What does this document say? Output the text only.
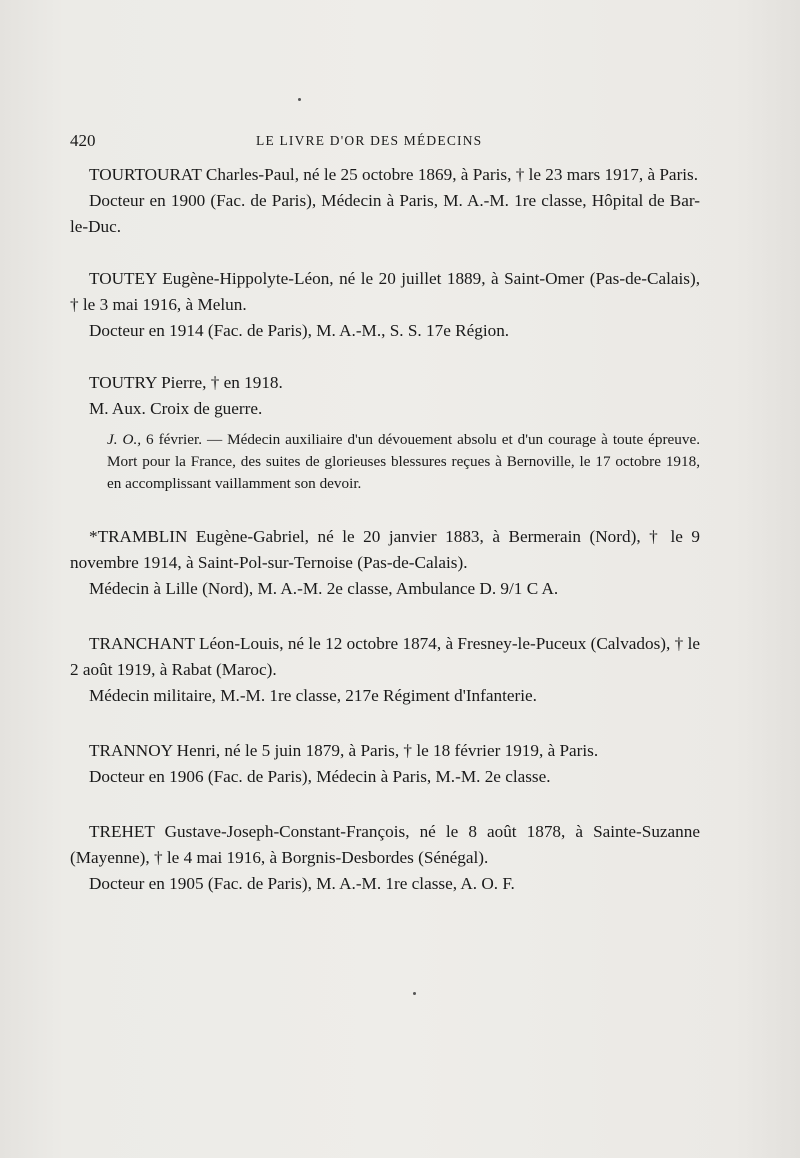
420	LE LIVRE D'OR DES MÉDECINS

TOURTOURAT Charles-Paul, né le 25 octobre 1869, à Paris, † le 23 mars 1917, à Paris.

Docteur en 1900 (Fac. de Paris), Médecin à Paris, M. A.-M. 1re classe, Hôpital de Bar-le-Duc.

TOUTEY Eugène-Hippolyte-Léon, né le 20 juillet 1889, à Saint-Omer (Pas-de-Calais), † le 3 mai 1916, à Melun.

Docteur en 1914 (Fac. de Paris), M. A.-M., S. S. 17e Région.

TOUTRY Pierre, † en 1918.

M. Aux. Croix de guerre.

J. O., 6 février. — Médecin auxiliaire d'un dévouement absolu et d'un courage à toute épreuve. Mort pour la France, des suites de glorieuses blessures reçues à Bernoville, le 17 octobre 1918, en accomplissant vaillamment son devoir.

*TRAMBLIN Eugène-Gabriel, né le 20 janvier 1883, à Bermerain (Nord), † le 9 novembre 1914, à Saint-Pol-sur-Ternoise (Pas-de-Calais).

Médecin à Lille (Nord), M. A.-M. 2e classe, Ambulance D. 9/1 C A.

TRANCHANT Léon-Louis, né le 12 octobre 1874, à Fresney-le-Puceux (Calvados), † le 2 août 1919, à Rabat (Maroc).

Médecin militaire, M.-M. 1re classe, 217e Régiment d'Infanterie.

TRANNOY Henri, né le 5 juin 1879, à Paris, † le 18 février 1919, à Paris.

Docteur en 1906 (Fac. de Paris), Médecin à Paris, M.-M. 2e classe.

TREHET Gustave-Joseph-Constant-François, né le 8 août 1878, à Sainte-Suzanne (Mayenne), † le 4 mai 1916, à Borgnis-Desbordes (Sénégal).

Docteur en 1905 (Fac. de Paris), M. A.-M. 1re classe, A. O. F.
